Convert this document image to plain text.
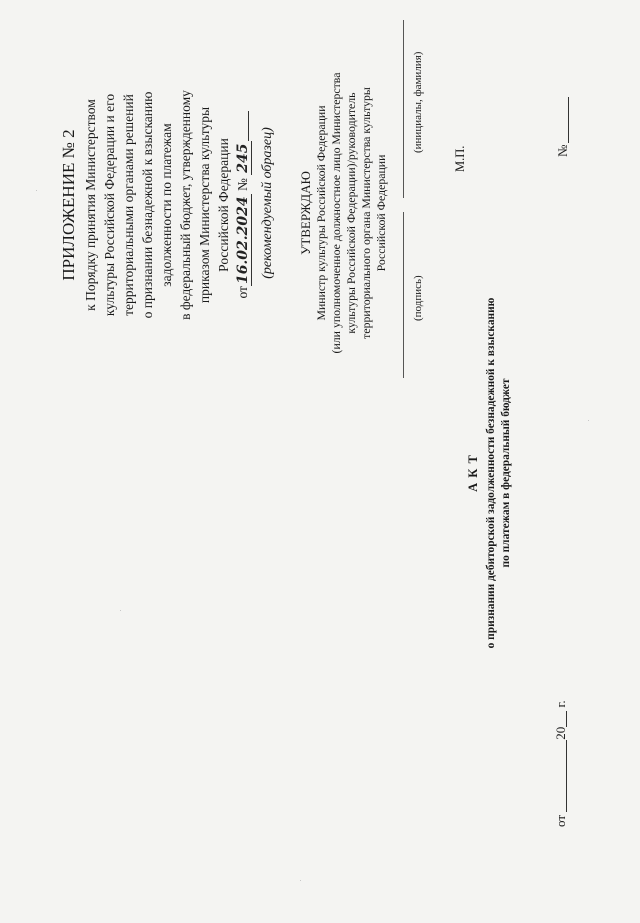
ПРИЛОЖЕНИЕ № 2 к Порядку принятия Министерством культуры Российской Федерации и его территориальными органами решений о признании безнадежной к взысканию задолженности по платежам в федеральный бюджет, утвержденному приказом Министерства культуры Российской Федерации
от16.02.2024 № 245 (рекомендуемый образец) УТВЕРЖДАЮ Министр культуры Российской Федерации (или уполномоченное должностное лицо Министерства культуры Российской Федерации)/руководитель территориального органа Министерства культуры Российской Федерации
(подпись)
(инициалы, фамилия)
М.П.
А К Т о признании дебиторской задолженности безнадежной к взысканию по платежам в федеральный бюджет
от 20 г.
№
